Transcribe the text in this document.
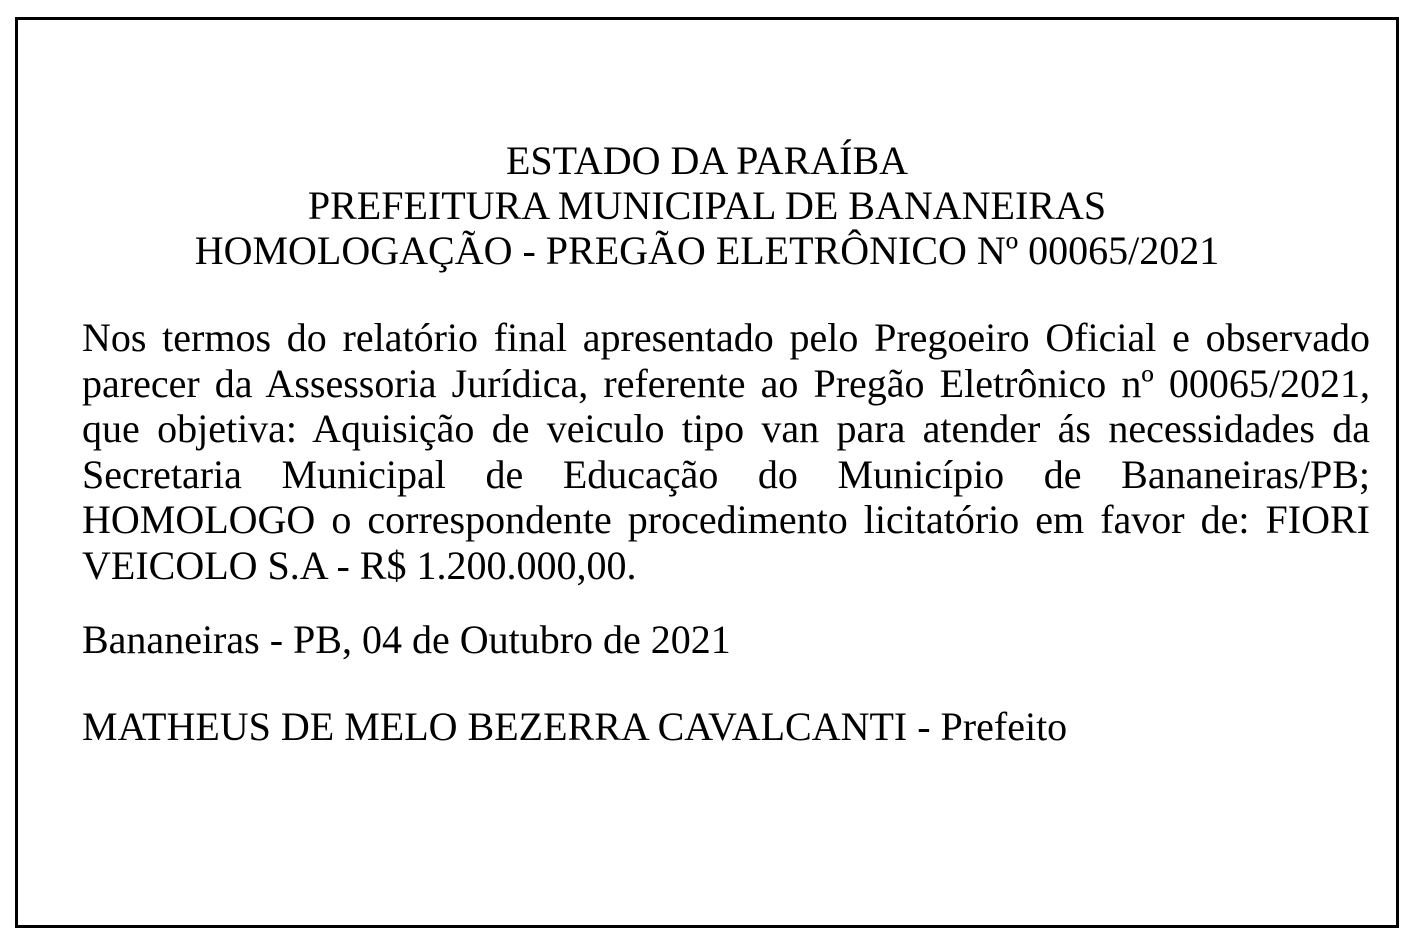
ESTADO DA PARAÍBA
PREFEITURA MUNICIPAL DE BANANEIRAS
HOMOLOGAÇÃO - PREGÃO ELETRÔNICO Nº 00065/2021
Nos termos do relatório final apresentado pelo Pregoeiro Oficial e observado parecer da Assessoria Jurídica, referente ao Pregão Eletrônico nº 00065/2021, que objetiva: Aquisição de veiculo tipo van para atender ás necessidades da Secretaria Municipal de Educação do Município de Bananeiras/PB; HOMOLOGO o correspondente procedimento licitatório em favor de: FIORI VEICOLO S.A - R$ 1.200.000,00.
Bananeiras - PB, 04 de Outubro de 2021
MATHEUS DE MELO BEZERRA CAVALCANTI - Prefeito
